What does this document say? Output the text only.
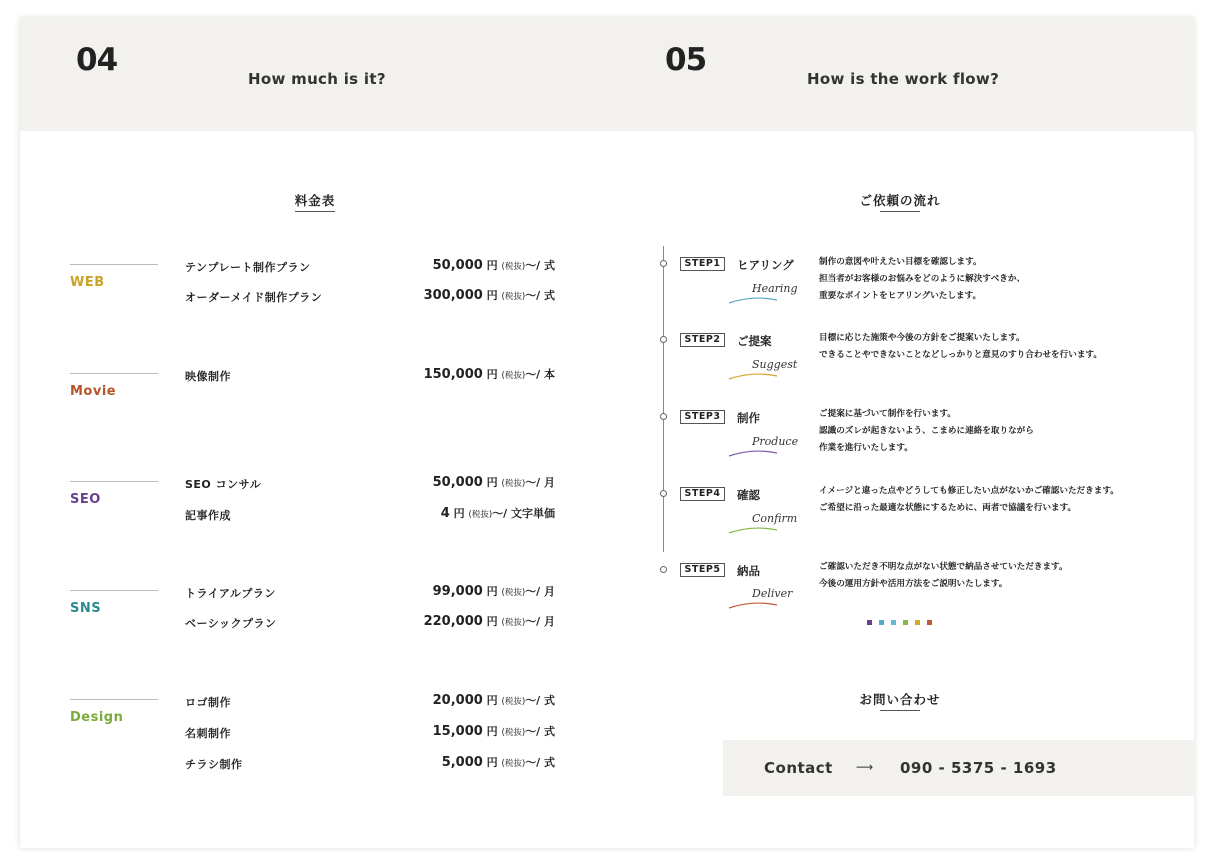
04
How much is it?
05
How is the work flow?
料金表
WEB
テンプレート制作プラン	50,000 円 (税抜)〜/ 式
オーダーメイド制作プラン	300,000 円 (税抜)〜/ 式
Movie
映像制作	150,000 円 (税抜)〜/ 本
SEO
SEO コンサル	50,000 円 (税抜)〜/ 月
記事作成	4 円 (税抜)〜/ 文字単価
SNS
トライアルプラン	99,000 円 (税抜)〜/ 月
ベーシックプラン	220,000 円 (税抜)〜/ 月
Design
ロゴ制作	20,000 円 (税抜)〜/ 式
名刺制作	15,000 円 (税抜)〜/ 式
チラシ制作	5,000 円 (税抜)〜/ 式
ご依頼の流れ
STEP1	ヒアリング
Hearing
制作の意図や叶えたい目標を確認します。
担当者がお客様のお悩みをどのように解決すべきか、
重要なポイントをヒアリングいたします。
STEP2	ご提案
Suggest
目標に応じた施策や今後の方針をご提案いたします。
できることやできないことなどしっかりと意見のすり合わせを行います。
STEP3	制作
Produce
ご提案に基づいて制作を行います。
認識のズレが起きないよう、こまめに連絡を取りながら
作業を進行いたします。
STEP4	確認
Confirm
イメージと違った点やどうしても修正したい点がないかご確認いただきます。
ご希望に沿った最適な状態にするために、両者で協議を行います。
STEP5	納品
Deliver
ご確認いただき不明な点がない状態で納品させていただきます。
今後の運用方針や活用方法をご説明いたします。
お問い合わせ
Contact ⟶ 090 - 5375 - 1693
